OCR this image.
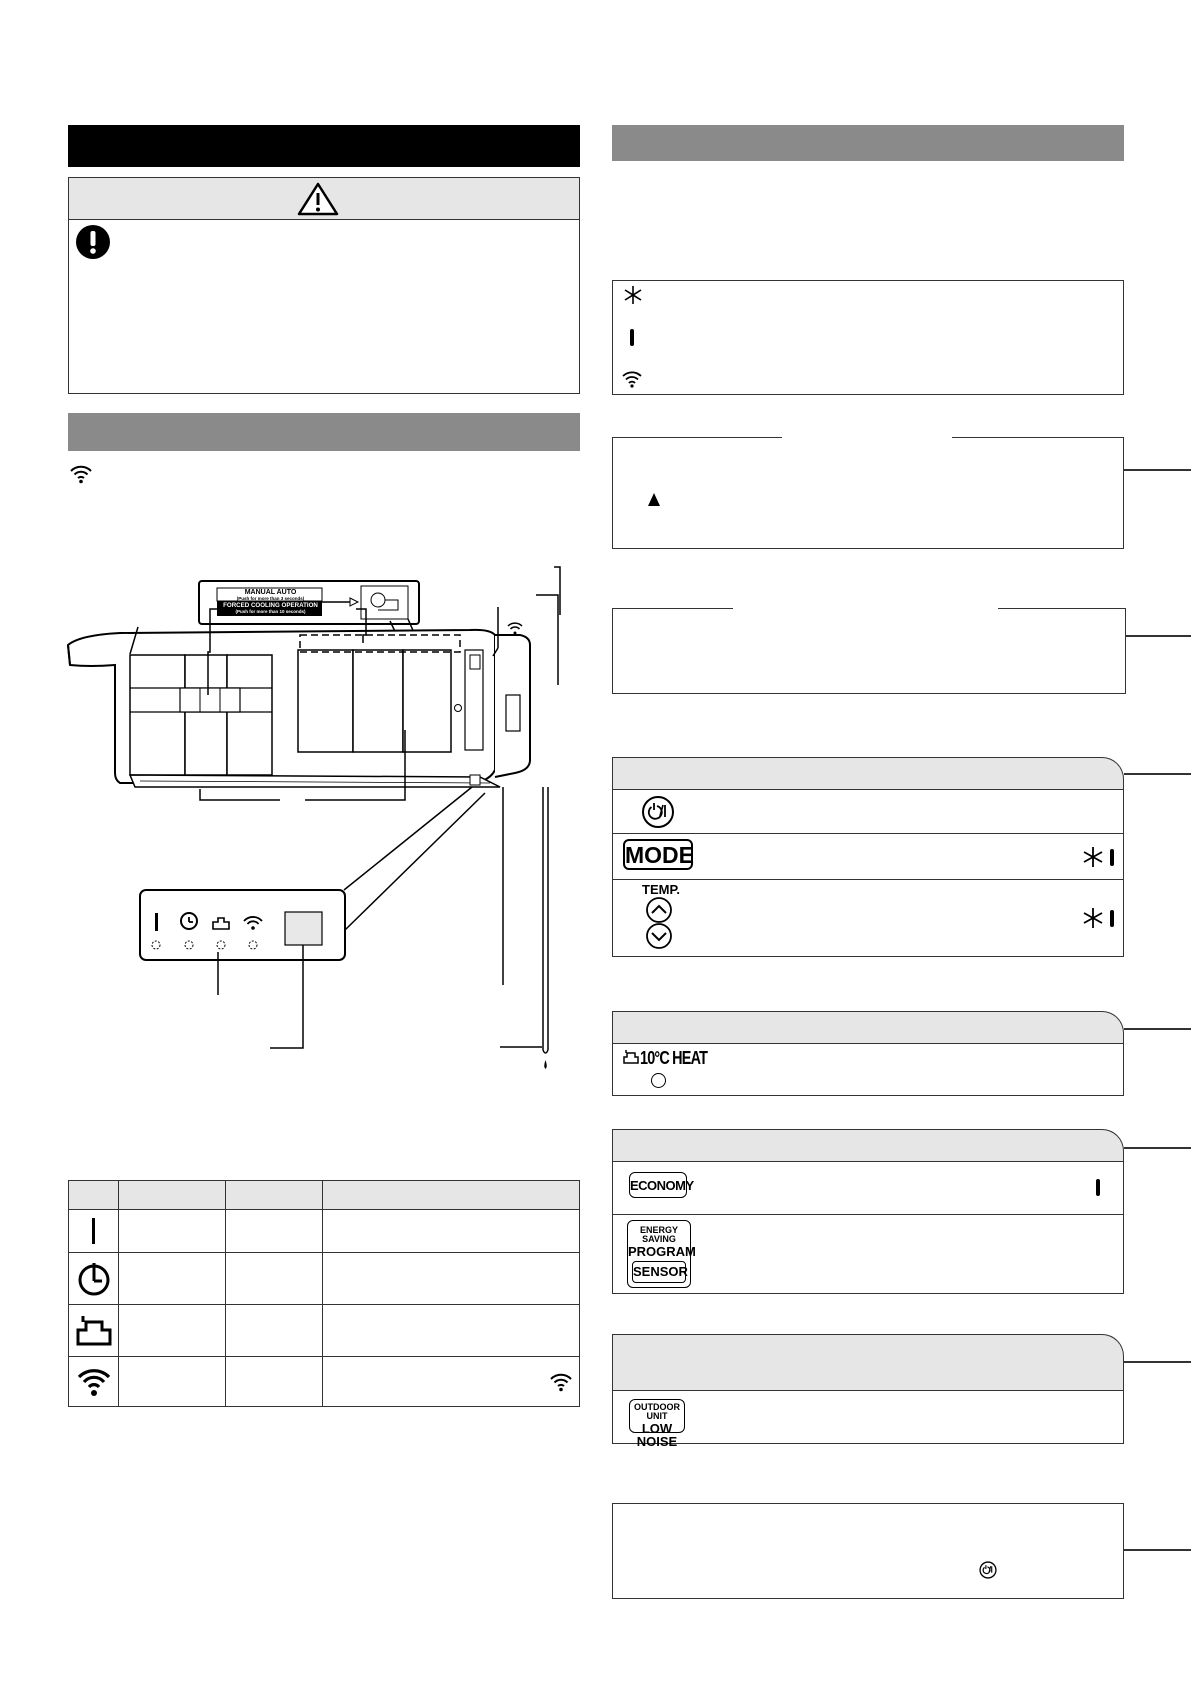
MANUAL AUTO
(Push for more than 3 seconds)
FORCED COOLING OPERATION
(Push for more than 10 seconds)

MODE
TEMP.
10°C HEAT
ECONOMY
ENERGY SAVING
PROGRAM
SENSOR
OUTDOOR UNIT
LOW NOISE
